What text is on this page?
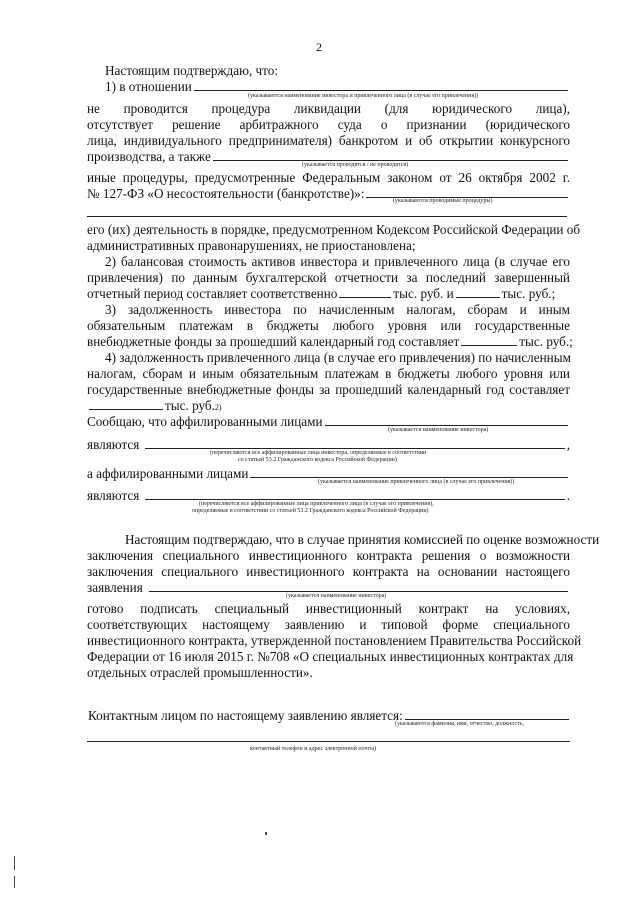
2
Настоящим подтверждаю, что:
1) в отношении
(указываются наименование инвестора и привлеченного лица (в случае его привлечения))
не проводится процедура ликвидации (для юридического лица),
отсутствует решение арбитражного суда о признании (юридического
лица, индивидуального предпринимателя) банкротом и об открытии конкурсного
производства, а также
(указывается проводятся / не проводятся)
иные процедуры, предусмотренные Федеральным законом от 26 октября 2002 г.
№ 127-ФЗ «О несостоятельности (банкротстве)»:	(указываются проводимые процедуры)
его (их) деятельность в порядке, предусмотренном Кодексом Российской Федерации об
административных правонарушениях, не приостановлена;
2) балансовая стоимость активов инвестора и привлеченного лица (в случае его
привлечения) по данным бухгалтерской отчетности за последний завершенный
отчетный период составляет соответственно	тыс. руб. и	тыс. руб.;
3) задолженность инвестора по начисленным налогам, сборам и иным
обязательным платежам в бюджеты любого уровня или государственные
внебюджетные фонды за прошедший календарный год составляет	тыс. руб.;
4) задолженность привлеченного лица (в случае его привлечения) по начисленным
налогам, сборам и иным обязательным платежам в бюджеты любого уровня или
государственные внебюджетные фонды за прошедший календарный год составляет
тыс. руб. 2)
Сообщаю, что аффилированными лицами
(указывается наименование инвестора)
являются	,
(перечисляются все аффилированные лица инвестора, определяемые в соответствии
со статьей 53.2 Гражданского кодекса Российской Федерации)
а аффилированными лицами
(указывается наименование привлеченного лица (в случае его привлечения))
являются	.
(перечисляются все аффилированные лица привлеченного лица (в случае его привлечения),
определяемые в соответствии со статьей 53.2 Гражданского кодекса Российской Федерации)
Настоящим подтверждаю, что в случае принятия комиссией по оценке возможности
заключения специального инвестиционного контракта решения о возможности
заключения специального инвестиционного контракта на основании настоящего
заявления
(указывается наименование инвестора)
готово подписать специальный инвестиционный контракт на условиях,
соответствующих настоящему заявлению и типовой форме специального
инвестиционного контракта, утвержденной постановлением Правительства Российской
Федерации от 16 июля 2015 г. №708 «О специальных инвестиционных контрактах для
отдельных отраслей промышленности».
Контактным лицом по настоящему заявлению является:
(указываются фамилия, имя, отчество, должность,
контактный телефон и адрес электронной почты)
